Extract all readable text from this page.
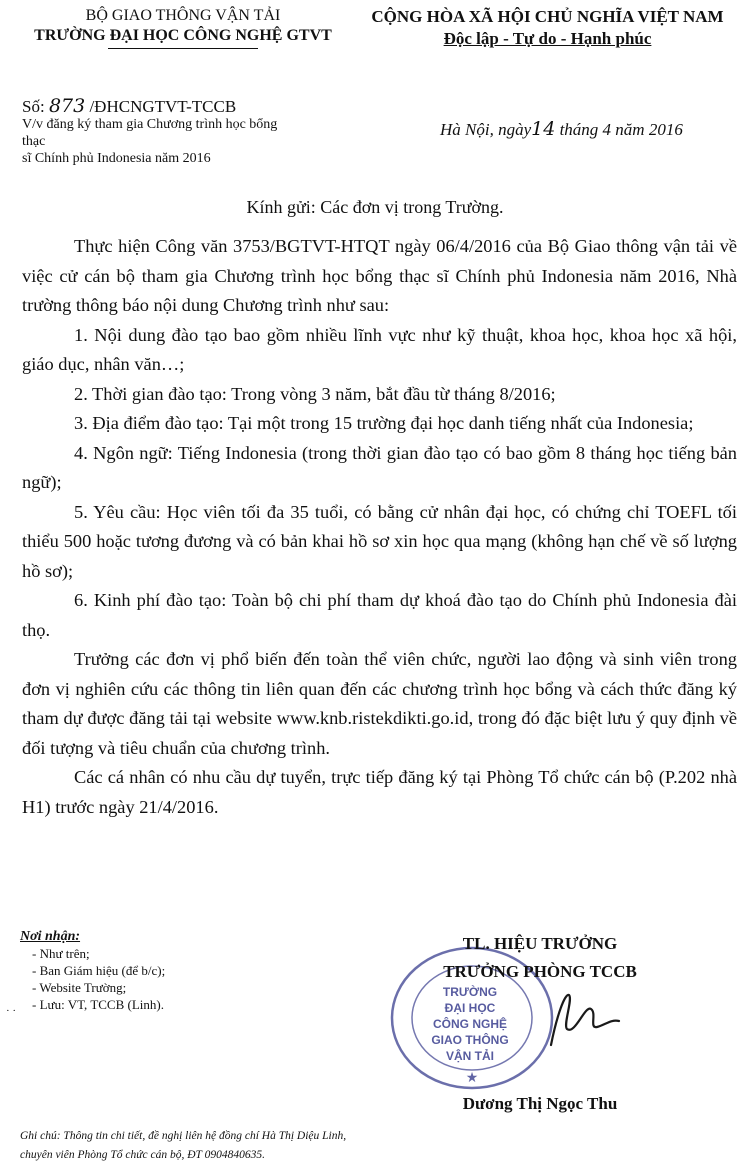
BỘ GIAO THÔNG VẬN TẢI
TRƯỜNG ĐẠI HỌC CÔNG NGHỆ GTVT
CỘNG HÒA XÃ HỘI CHỦ NGHĨA VIỆT NAM
Độc lập - Tự do - Hạnh phúc
Số: 873 /ĐHCNGTVT-TCCB
V/v đăng ký tham gia Chương trình học bổng thạc
sĩ Chính phủ Indonesia năm 2016
Hà Nội, ngày14 tháng 4 năm 2016
Kính gửi: Các đơn vị trong Trường.

Thực hiện Công văn 3753/BGTVT-HTQT ngày 06/4/2016 của Bộ Giao thông vận tải về việc cử cán bộ tham gia Chương trình học bổng thạc sĩ Chính phủ Indonesia năm 2016, Nhà trường thông báo nội dung Chương trình như sau:

1. Nội dung đào tạo bao gồm nhiều lĩnh vực như kỹ thuật, khoa học, khoa học xã hội, giáo dục, nhân văn…;

2. Thời gian đào tạo: Trong vòng 3 năm, bắt đầu từ tháng 8/2016;

3. Địa điểm đào tạo: Tại một trong 15 trường đại học danh tiếng nhất của Indonesia;

4. Ngôn ngữ: Tiếng Indonesia (trong thời gian đào tạo có bao gồm 8 tháng học tiếng bản ngữ);

5. Yêu cầu: Học viên tối đa 35 tuổi, có bằng cử nhân đại học, có chứng chỉ TOEFL tối thiểu 500 hoặc tương đương và có bản khai hồ sơ xin học qua mạng (không hạn chế về số lượng hồ sơ);

6. Kinh phí đào tạo: Toàn bộ chi phí tham dự khoá đào tạo do Chính phủ Indonesia đài thọ.

Trưởng các đơn vị phổ biến đến toàn thể viên chức, người lao động và sinh viên trong đơn vị nghiên cứu các thông tin liên quan đến các chương trình học bổng và cách thức đăng ký tham dự được đăng tải tại website www.knb.ristekdikti.go.id, trong đó đặc biệt lưu ý quy định về đối tượng và tiêu chuẩn của chương trình.

Các cá nhân có nhu cầu dự tuyển, trực tiếp đăng ký tại Phòng Tổ chức cán bộ (P.202 nhà H1) trước ngày 21/4/2016.

Nơi nhận:
- Như trên;
- Ban Giám hiệu (để b/c);
- Website Trường;
- Lưu: VT, TCCB (Linh).
· ·
★
TRƯỜNG
ĐẠI HỌC
CÔNG NGHỆ
GIAO THÔNG
VẬN TẢI
TL. HIỆU TRƯỞNG
TRƯỞNG PHÒNG TCCB
Dương Thị Ngọc Thu
Ghi chú: Thông tin chi tiết, đề nghị liên hệ đồng chí Hà Thị Diệu Linh,
chuyên viên Phòng Tổ chức cán bộ, ĐT 0904840635.
